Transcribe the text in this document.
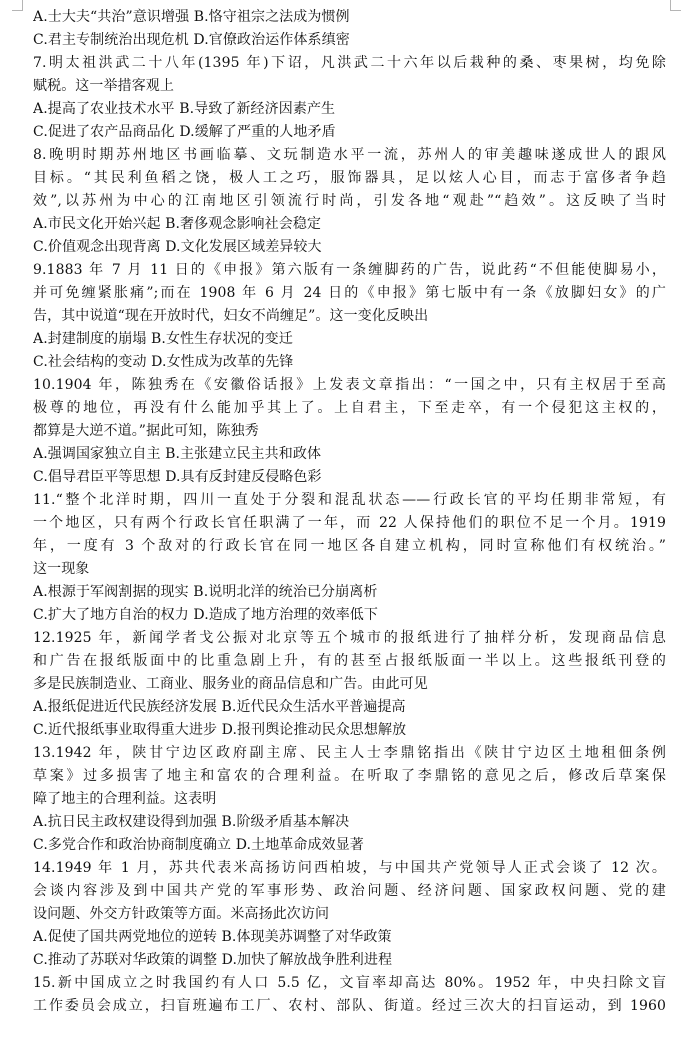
A.士大夫“共治”意识增强 B.恪守祖宗之法成为惯例
C.君主专制统治出现危机 D.官僚政治运作体系缜密
7.明太祖洪武二十八年(1395 年)下诏，凡洪武二十六年以后栽种的桑、枣果树，均免除
赋税。这一举措客观上
A.提高了农业技术水平 B.导致了新经济因素产生
C.促进了农产品商品化 D.缓解了严重的人地矛盾
8.晚明时期苏州地区书画临摹、文玩制造水平一流，苏州人的审美趣味遂成世人的跟风
目标。“其民利鱼稻之饶，极人工之巧，服饰器具，足以炫人心目，而志于富侈者争趋
效”,以苏州为中心的江南地区引领流行时尚，引发各地“观赴”“趋效”。这反映了当时
A.市民文化开始兴起 B.奢侈观念影响社会稳定
C.价值观念出现背离 D.文化发展区域差异较大
9.1883 年 7 月 11 日的《申报》第六版有一条缠脚药的广告，说此药“不但能使脚易小，
并可免缠紧胀痛”;而在 1908 年 6 月 24 日的《申报》第七版中有一条《放脚妇女》的广
告，其中说道“现在开放时代，妇女不尚缠足”。这一变化反映出
A.封建制度的崩塌 B.女性生存状况的变迁
C.社会结构的变动 D.女性成为改革的先锋
10.1904 年，陈独秀在《安徽俗话报》上发表文章指出：“一国之中，只有主权居于至高
极尊的地位，再没有什么能加乎其上了。上自君主，下至走卒，有一个侵犯这主权的，
都算是大逆不道。”据此可知，陈独秀
A.强调国家独立自主 B.主张建立民主共和政体
C.倡导君臣平等思想 D.具有反封建反侵略色彩
11.“整个北洋时期，四川一直处于分裂和混乱状态——行政长官的平均任期非常短，有
一个地区，只有两个行政长官任职满了一年，而 22 人保持他们的职位不足一个月。1919
年，一度有 3 个敌对的行政长官在同一地区各自建立机构，同时宣称他们有权统治。”
这一现象
A.根源于军阀割据的现实 B.说明北洋的统治已分崩离析
C.扩大了地方自治的权力 D.造成了地方治理的效率低下
12.1925 年，新闻学者戈公振对北京等五个城市的报纸进行了抽样分析，发现商品信息
和广告在报纸版面中的比重急剧上升，有的甚至占报纸版面一半以上。这些报纸刊登的
多是民族制造业、工商业、服务业的商品信息和广告。由此可见
A.报纸促进近代民族经济发展 B.近代民众生活水平普遍提高
C.近代报纸事业取得重大进步 D.报刊舆论推动民众思想解放
13.1942 年，陕甘宁边区政府副主席、民主人士李鼎铭指出《陕甘宁边区土地租佃条例
草案》过多损害了地主和富农的合理利益。在听取了李鼎铭的意见之后，修改后草案保
障了地主的合理利益。这表明
A.抗日民主政权建设得到加强 B.阶级矛盾基本解决
C.多党合作和政治协商制度确立 D.土地革命成效显著
14.1949 年 1 月，苏共代表米高扬访问西柏坡，与中国共产党领导人正式会谈了 12 次。
会谈内容涉及到中国共产党的军事形势、政治问题、经济问题、国家政权问题、党的建
设问题、外交方针政策等方面。米高扬此次访问
A.促使了国共两党地位的逆转 B.体现美苏调整了对华政策
C.推动了苏联对华政策的调整 D.加快了解放战争胜利进程
15.新中国成立之时我国约有人口 5.5 亿，文盲率却高达 80%。1952 年，中央扫除文盲
工作委员会成立，扫盲班遍布工厂、农村、部队、街道。经过三次大的扫盲运动，到 1960
